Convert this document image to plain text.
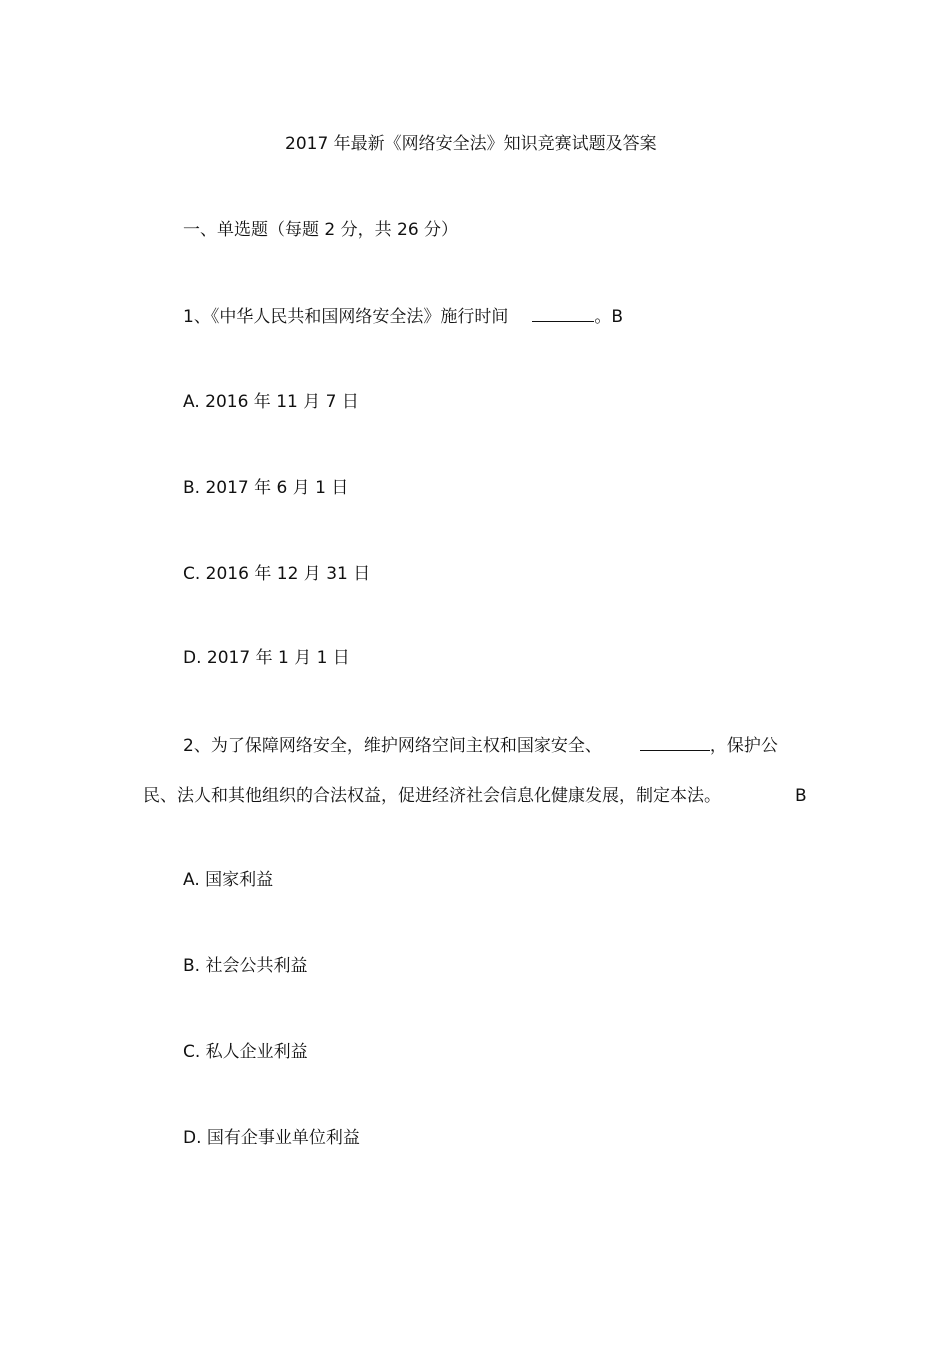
2017 年最新《网络安全法》知识竞赛试题及答案
一、单选题（每题 2 分，共 26 分）
1、《中华人民共和国网络安全法》施行时间	。B
A. 2016 年 11 月 7 日
B. 2017 年 6 月 1 日
C. 2016 年 12 月 31 日
D. 2017 年 1 月 1 日
2、为了保障网络安全，维护网络空间主权和国家安全、	，保护公
民、法人和其他组织的合法权益，促进经济社会信息化健康发展，制定本法。	B
A. 国家利益
B. 社会公共利益
C. 私人企业利益
D. 国有企事业单位利益
